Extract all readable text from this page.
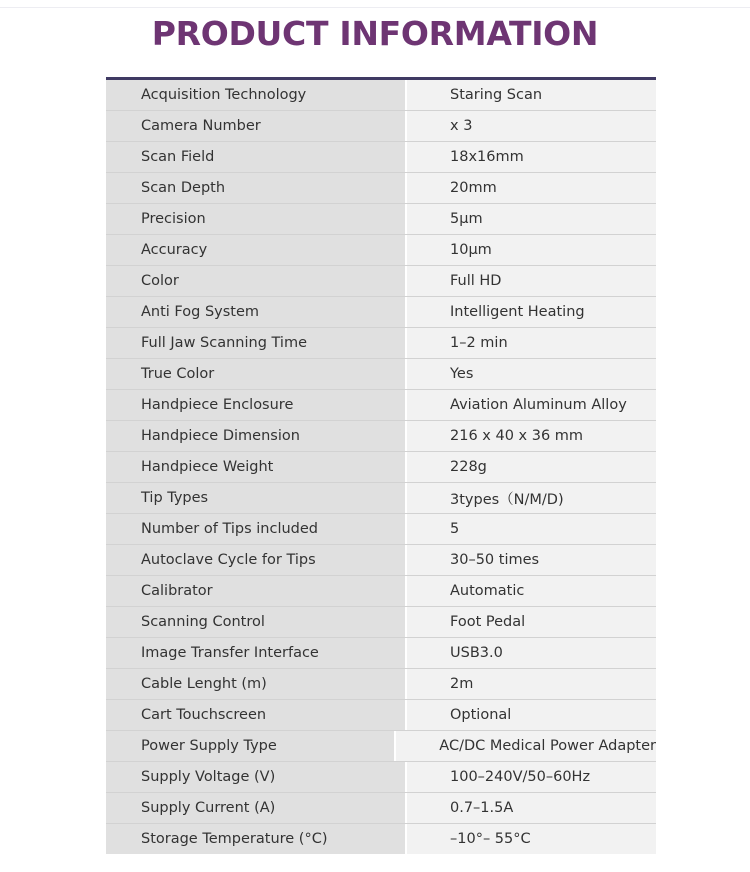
PRODUCT INFORMATION
Acquisition Technology	Staring Scan
Camera Number	x 3
Scan Field	18x16mm
Scan Depth	20mm
Precision	5μm
Accuracy	10μm
Color	Full HD
Anti Fog System	Intelligent Heating
Full Jaw Scanning Time	1–2 min
True Color	Yes
Handpiece Enclosure	Aviation Aluminum Alloy
Handpiece Dimension	216 x 40 x 36 mm
Handpiece Weight	228g
Tip Types	3types（N/M/D)
Number of Tips included	5
Autoclave Cycle for Tips	30–50 times
Calibrator	Automatic
Scanning Control	Foot Pedal
Image Transfer Interface	USB3.0
Cable Lenght (m)	2m
Cart Touchscreen	Optional
Power Supply Type	AC/DC Medical Power Adapter
Supply Voltage (V)	100–240V/50–60Hz
Supply Current (A)	0.7–1.5A
Storage Temperature (°C)	–10°– 55°C
